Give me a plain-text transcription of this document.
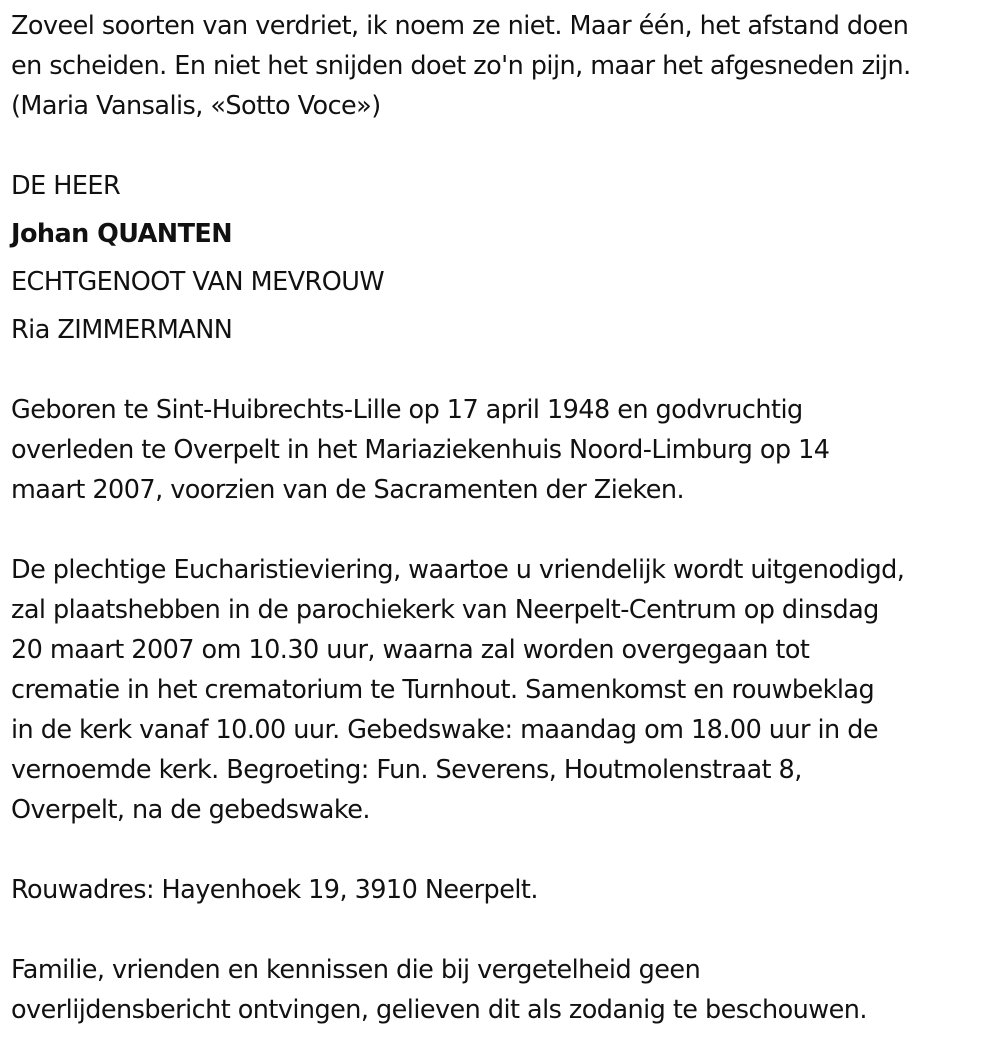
Zoveel soorten van verdriet, ik noem ze niet. Maar één, het afstand doen
en scheiden. En niet het snijden doet zo'n pijn, maar het afgesneden zijn.
(Maria Vansalis, «Sotto Voce»)

DE HEER
Johan QUANTEN
ECHTGENOOT VAN MEVROUW
Ria ZIMMERMANN

Geboren te Sint-Huibrechts-Lille op 17 april 1948 en godvruchtig
overleden te Overpelt in het Mariaziekenhuis Noord-Limburg op 14
maart 2007, voorzien van de Sacramenten der Zieken.

De plechtige Eucharistieviering, waartoe u vriendelijk wordt uitgenodigd,
zal plaatshebben in de parochiekerk van Neerpelt-Centrum op dinsdag
20 maart 2007 om 10.30 uur, waarna zal worden overgegaan tot
crematie in het crematorium te Turnhout. Samenkomst en rouwbeklag
in de kerk vanaf 10.00 uur. Gebedswake: maandag om 18.00 uur in de
vernoemde kerk. Begroeting: Fun. Severens, Houtmolenstraat 8,
Overpelt, na de gebedswake.

Rouwadres: Hayenhoek 19, 3910 Neerpelt.

Familie, vrienden en kennissen die bij vergetelheid geen
overlijdensbericht ontvingen, gelieven dit als zodanig te beschouwen.
